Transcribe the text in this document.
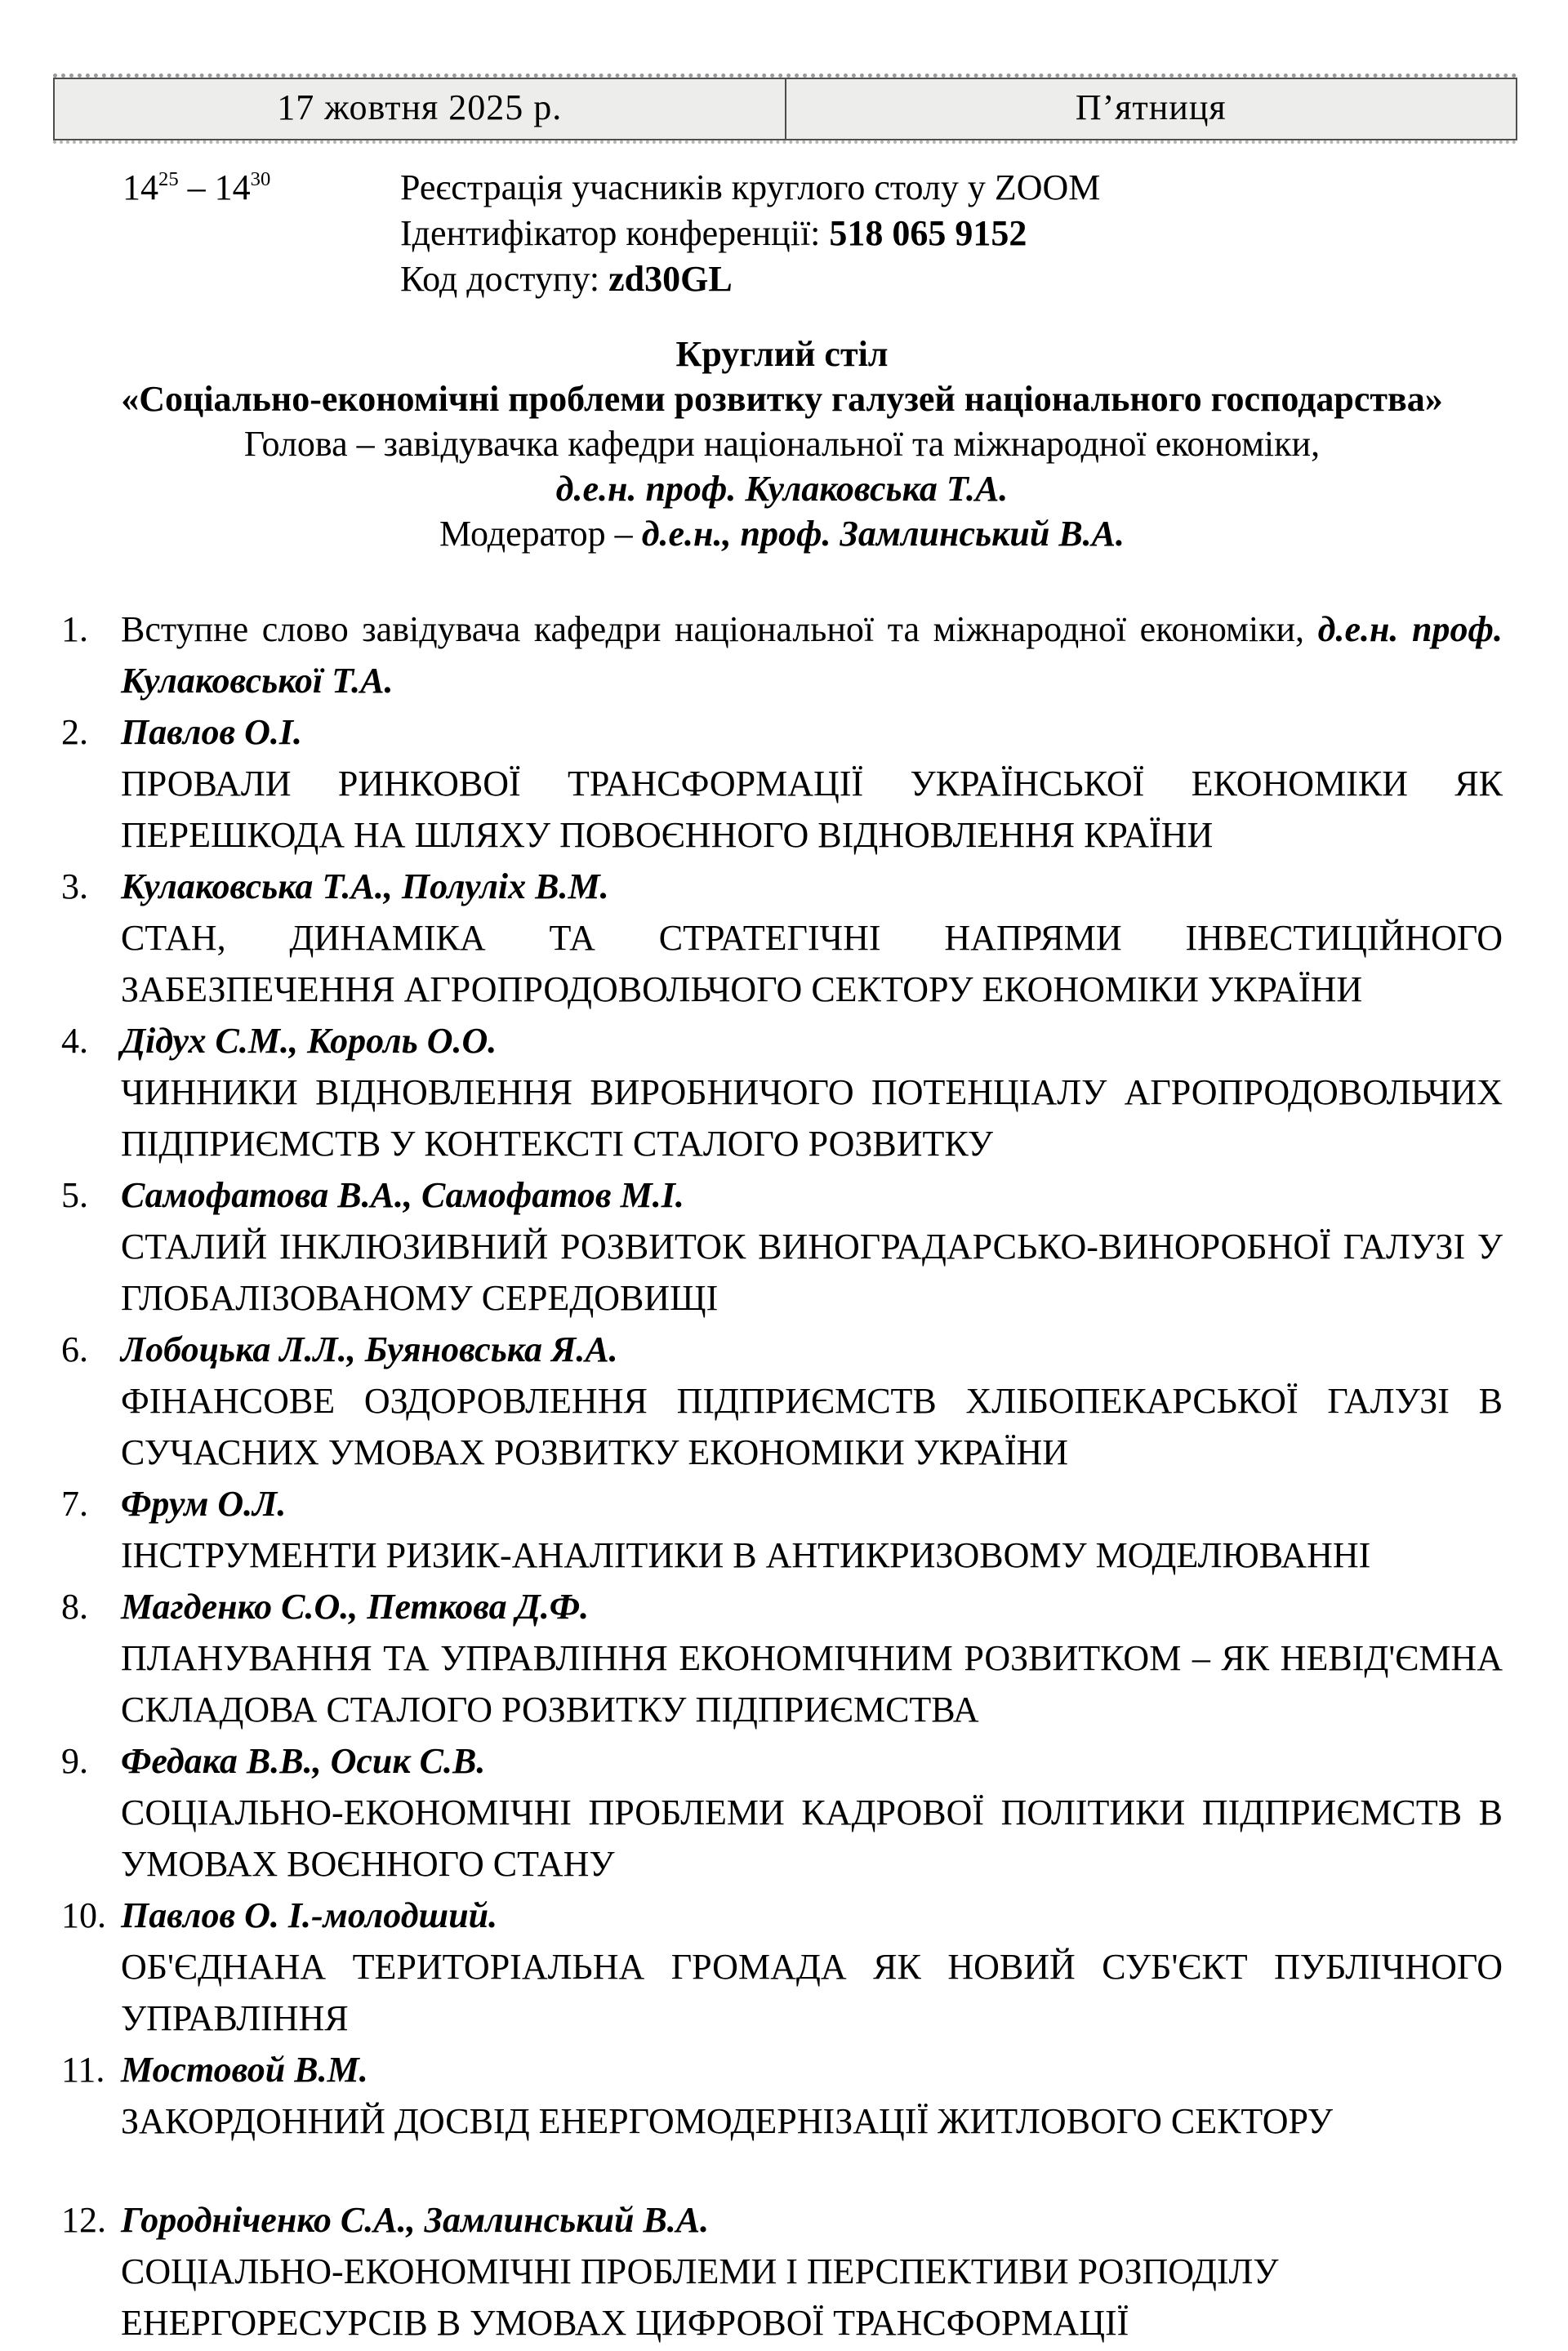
17 жовтня 2025 р.	П’ятниця
$14^{25} - 14^{30}$	Реєстрація учасників круглого столу у ZOOM
Ідентифікатор конференції: 518 065 9152
Код доступу: zd30GL
Круглий стіл
«Соціально-економічні проблеми розвитку галузей національного господарства»
Голова – завідувачка кафедри національної та міжнародної економіки,
д.е.н. проф. Кулаковська Т.А.
Модератор – д.е.н., проф. Замлинський В.А.
1. Вступне слово завідувача кафедри національної та міжнародної економіки, д.е.н. проф. Кулаковської Т.А.
2. Павлов О.І.
ПРОВАЛИ РИНКОВОЇ ТРАНСФОРМАЦІЇ УКРАЇНСЬКОЇ ЕКОНОМІКИ ЯК ПЕРЕШКОДА НА ШЛЯХУ ПОВОЄННОГО ВІДНОВЛЕННЯ КРАЇНИ
3. Кулаковська Т.А., Полуліх В.М.
СТАН, ДИНАМІКА ТА СТРАТЕГІЧНІ НАПРЯМИ ІНВЕСТИЦІЙНОГО ЗАБЕЗПЕЧЕННЯ АГРОПРОДОВОЛЬЧОГО СЕКТОРУ ЕКОНОМІКИ УКРАЇНИ
4. Дідух С.М., Король О.О.
ЧИННИКИ ВІДНОВЛЕННЯ ВИРОБНИЧОГО ПОТЕНЦІАЛУ АГРОПРОДОВОЛЬЧИХ ПІДПРИЄМСТВ У КОНТЕКСТІ СТАЛОГО РОЗВИТКУ
5. Самофатова В.А., Самофатов М.І.
СТАЛИЙ ІНКЛЮЗИВНИЙ РОЗВИТОК ВИНОГРАДАРСЬКО-ВИНОРОБНОЇ ГАЛУЗІ У ГЛОБАЛІЗОВАНОМУ СЕРЕДОВИЩІ
6. Лобоцька Л.Л., Буяновська Я.А.
ФІНАНСОВЕ ОЗДОРОВЛЕННЯ ПІДПРИЄМСТВ ХЛІБОПЕКАРСЬКОЇ ГАЛУЗІ В СУЧАСНИХ УМОВАХ РОЗВИТКУ ЕКОНОМІКИ УКРАЇНИ
7. Фрум О.Л.
ІНСТРУМЕНТИ РИЗИК-АНАЛІТИКИ В АНТИКРИЗОВОМУ МОДЕЛЮВАННІ
8. Магденко С.О., Петкова Д.Ф.
ПЛАНУВАННЯ ТА УПРАВЛІННЯ ЕКОНОМІЧНИМ РОЗВИТКОМ – ЯК НЕВІД'ЄМНА СКЛАДОВА СТАЛОГО РОЗВИТКУ ПІДПРИЄМСТВА
9. Федака В.В., Осик С.В.
СОЦІАЛЬНО-ЕКОНОМІЧНІ ПРОБЛЕМИ КАДРОВОЇ ПОЛІТИКИ ПІДПРИЄМСТВ В УМОВАХ ВОЄННОГО СТАНУ
10. Павлов О. І.-молодший.
ОБ'ЄДНАНА ТЕРИТОРІАЛЬНА ГРОМАДА ЯК НОВИЙ СУБ'ЄКТ ПУБЛІЧНОГО УПРАВЛІННЯ
11. Мостовой В.М.
ЗАКОРДОННИЙ ДОСВІД ЕНЕРГОМОДЕРНІЗАЦІЇ ЖИТЛОВОГО СЕКТОРУ
12. Городніченко С.А., Замлинський В.А.
СОЦІАЛЬНО-ЕКОНОМІЧНІ ПРОБЛЕМИ І ПЕРСПЕКТИВИ РОЗПОДІЛУ ЕНЕРГОРЕСУРСІВ В УМОВАХ ЦИФРОВОЇ ТРАНСФОРМАЦІЇ
